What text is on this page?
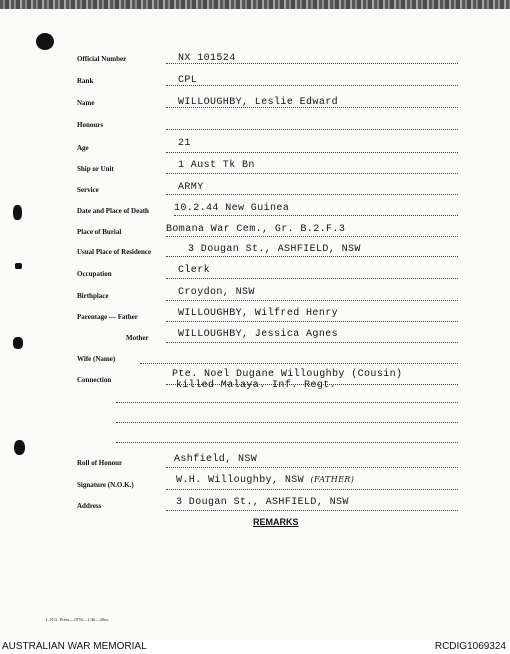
Official Number	NX 101524
Rank	CPL
Name	WILLOUGHBY, Leslie Edward
Honours
Age	21
Ship or Unit	1 Aust Tk Bn
Service	ARMY
Date and Place of Death	10.2.44 New Guinea
Place of Burial	Bomana War Cem., Gr. B.2.F.3
Usual Place of Residence	3 Dougan St., ASHFIELD, NSW
Occupation	Clerk
Birthplace	Croydon, NSW
Parentage — Father	WILLOUGHBY, Wilfred Henry
Mother	WILLOUGHBY, Jessica Agnes
Wife (Name)
Connection	Pte. Noel Dugane Willoughby (Cousin)
killed Malaya. Inf. Regt.
Roll of Honour	Ashfield, NSW
Signature (N.O.K.)	W.H. Willoughby, NSW (FATHER)
Address	3 Dougan St., ASHFIELD, NSW
REMARKS
L.N.G. Press—1976—1/46—20m.
AUSTRALIAN WAR MEMORIAL	RCDIG1069324
